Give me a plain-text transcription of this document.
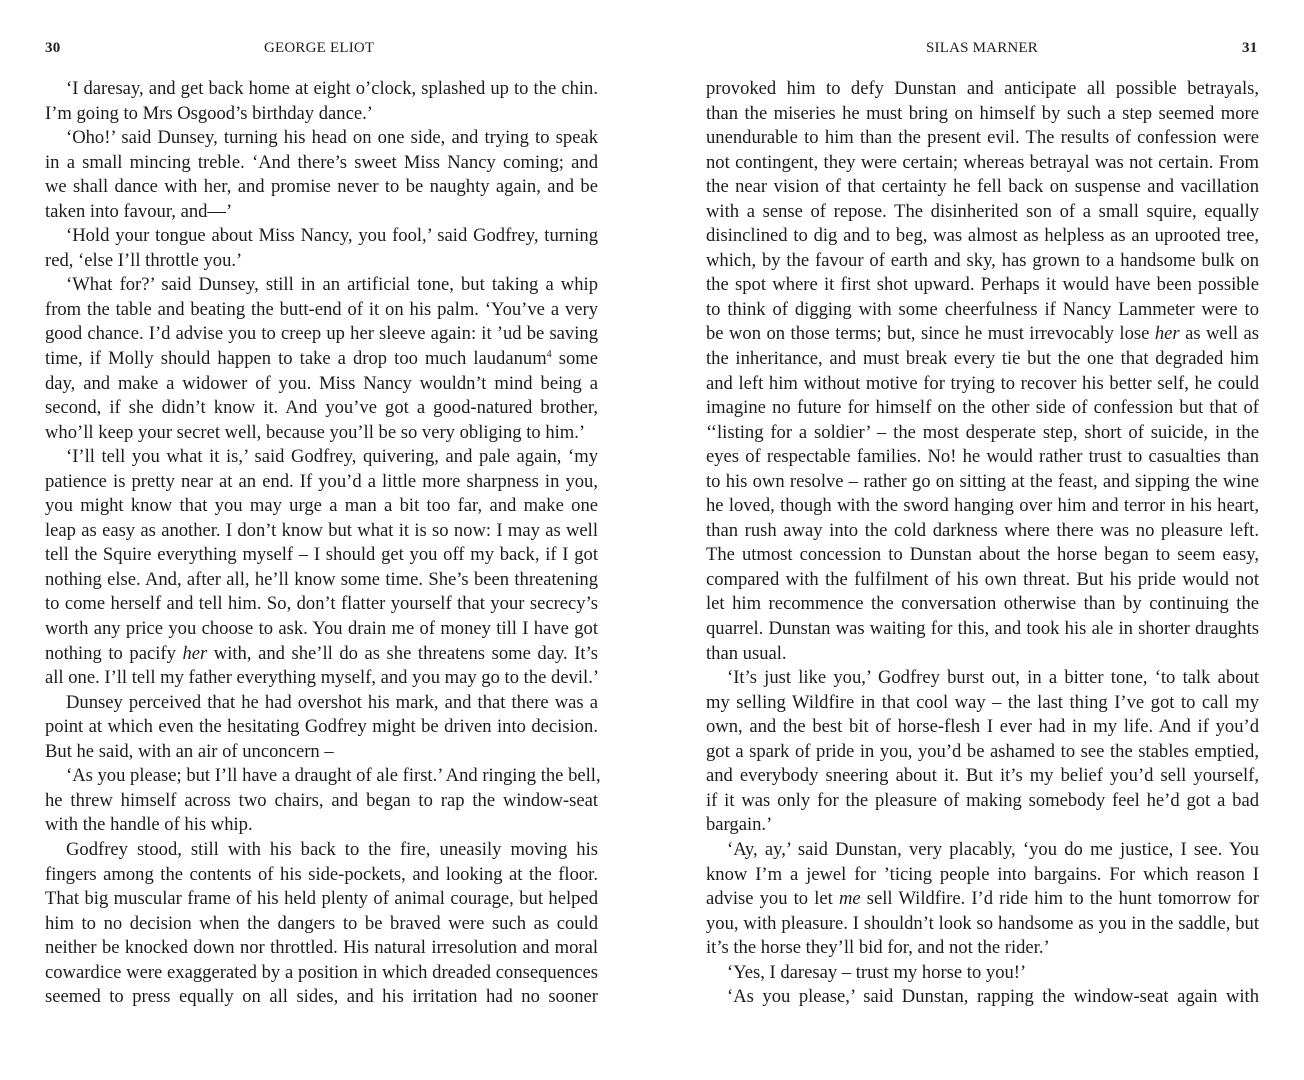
30	GEORGE ELIOT
‘I daresay, and get back home at eight o’clock, splashed up to the chin.
I’m going to Mrs Osgood’s birthday dance.’
‘Oho!’ said Dunsey, turning his head on one side, and trying to speak
in a small mincing treble. ‘And there’s sweet Miss Nancy coming; and
we shall dance with her, and promise never to be naughty again, and be
taken into favour, and—’
‘Hold your tongue about Miss Nancy, you fool,’ said Godfrey, turning
red, ‘else I’ll throttle you.’
‘What for?’ said Dunsey, still in an artificial tone, but taking a whip
from the table and beating the butt-end of it on his palm. ‘You’ve a very
good chance. I’d advise you to creep up her sleeve again: it ’ud be saving
time, if Molly should happen to take a drop too much laudanum$^4$ some
day, and make a widower of you. Miss Nancy wouldn’t mind being a
second, if she didn’t know it. And you’ve got a good-natured brother,
who’ll keep your secret well, because you’ll be so very obliging to him.’
‘I’ll tell you what it is,’ said Godfrey, quivering, and pale again, ‘my
patience is pretty near at an end. If you’d a little more sharpness in you,
you might know that you may urge a man a bit too far, and make one
leap as easy as another. I don’t know but what it is so now: I may as well
tell the Squire everything myself – I should get you off my back, if I got
nothing else. And, after all, he’ll know some time. She’s been threatening
to come herself and tell him. So, don’t flatter yourself that your secrecy’s
worth any price you choose to ask. You drain me of money till I have got
nothing to pacify her with, and she’ll do as she threatens some day. It’s
all one. I’ll tell my father everything myself, and you may go to the devil.’
Dunsey perceived that he had overshot his mark, and that there was a
point at which even the hesitating Godfrey might be driven into decision.
But he said, with an air of unconcern –
‘As you please; but I’ll have a draught of ale first.’ And ringing the bell,
he threw himself across two chairs, and began to rap the window-seat
with the handle of his whip.
Godfrey stood, still with his back to the fire, uneasily moving his
fingers among the contents of his side-pockets, and looking at the floor.
That big muscular frame of his held plenty of animal courage, but helped
him to no decision when the dangers to be braved were such as could
neither be knocked down nor throttled. His natural irresolution and moral
cowardice were exaggerated by a position in which dreaded consequences
seemed to press equally on all sides, and his irritation had no sooner
SILAS MARNER	31
provoked him to defy Dunstan and anticipate all possible betrayals,
than the miseries he must bring on himself by such a step seemed more
unendurable to him than the present evil. The results of confession were
not contingent, they were certain; whereas betrayal was not certain. From
the near vision of that certainty he fell back on suspense and vacillation
with a sense of repose. The disinherited son of a small squire, equally
disinclined to dig and to beg, was almost as helpless as an uprooted tree,
which, by the favour of earth and sky, has grown to a handsome bulk on
the spot where it first shot upward. Perhaps it would have been possible
to think of digging with some cheerfulness if Nancy Lammeter were to
be won on those terms; but, since he must irrevocably lose her as well as
the inheritance, and must break every tie but the one that degraded him
and left him without motive for trying to recover his better self, he could
imagine no future for himself on the other side of confession but that of
‘‘listing for a soldier’ – the most desperate step, short of suicide, in the
eyes of respectable families. No! he would rather trust to casualties than
to his own resolve – rather go on sitting at the feast, and sipping the wine
he loved, though with the sword hanging over him and terror in his heart,
than rush away into the cold darkness where there was no pleasure left.
The utmost concession to Dunstan about the horse began to seem easy,
compared with the fulfilment of his own threat. But his pride would not
let him recommence the conversation otherwise than by continuing the
quarrel. Dunstan was waiting for this, and took his ale in shorter draughts
than usual.
‘It’s just like you,’ Godfrey burst out, in a bitter tone, ‘to talk about
my selling Wildfire in that cool way – the last thing I’ve got to call my
own, and the best bit of horse-flesh I ever had in my life. And if you’d
got a spark of pride in you, you’d be ashamed to see the stables emptied,
and everybody sneering about it. But it’s my belief you’d sell yourself,
if it was only for the pleasure of making somebody feel he’d got a bad
bargain.’
‘Ay, ay,’ said Dunstan, very placably, ‘you do me justice, I see. You
know I’m a jewel for ’ticing people into bargains. For which reason I
advise you to let me sell Wildfire. I’d ride him to the hunt tomorrow for
you, with pleasure. I shouldn’t look so handsome as you in the saddle, but
it’s the horse they’ll bid for, and not the rider.’
‘Yes, I daresay – trust my horse to you!’
‘As you please,’ said Dunstan, rapping the window-seat again with
